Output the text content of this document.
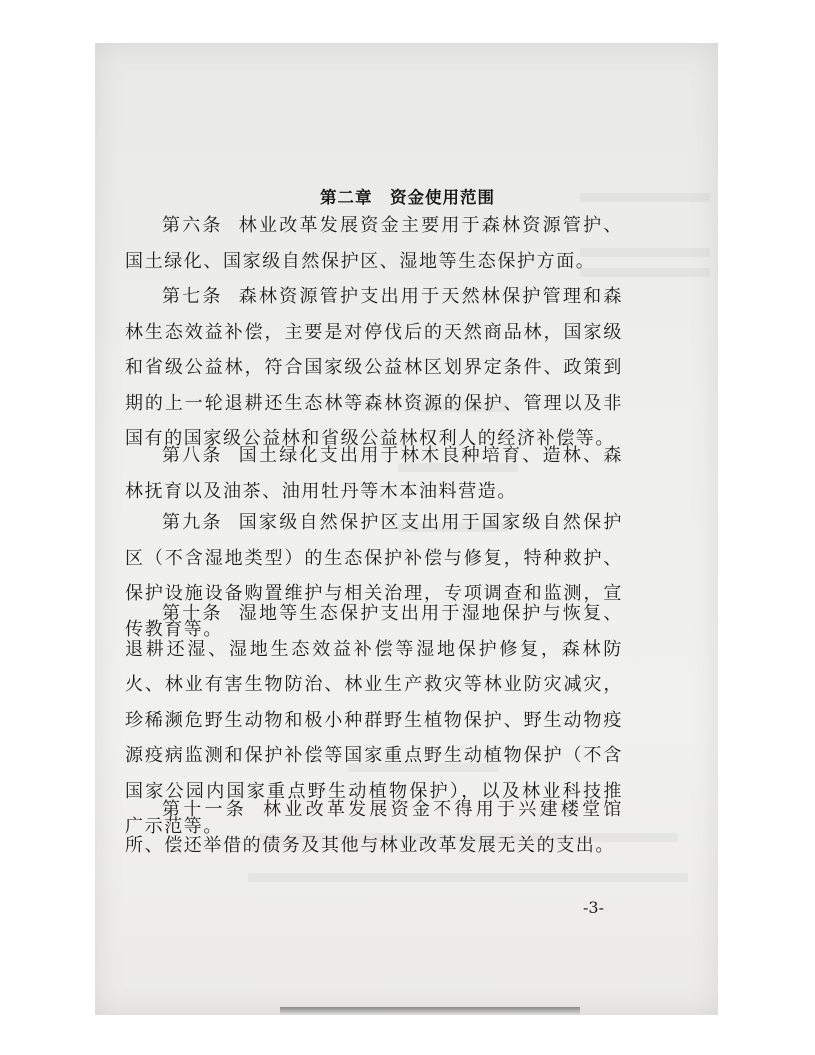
第二章　资金使用范围

第六条 林业改革发展资金主要用于森林资源管护、国土绿化、国家级自然保护区、湿地等生态保护方面。

第七条 森林资源管护支出用于天然林保护管理和森林生态效益补偿，主要是对停伐后的天然商品林，国家级和省级公益林，符合国家级公益林区划界定条件、政策到期的上一轮退耕还生态林等森林资源的保护、管理以及非国有的国家级公益林和省级公益林权利人的经济补偿等。

第八条 国土绿化支出用于林木良种培育、造林、森林抚育以及油茶、油用牡丹等木本油料营造。

第九条 国家级自然保护区支出用于国家级自然保护区（不含湿地类型）的生态保护补偿与修复，特种救护、保护设施设备购置维护与相关治理，专项调查和监测，宣传教育等。

第十条 湿地等生态保护支出用于湿地保护与恢复、退耕还湿、湿地生态效益补偿等湿地保护修复，森林防火、林业有害生物防治、林业生产救灾等林业防灾减灾，珍稀濒危野生动物和极小种群野生植物保护、野生动物疫源疫病监测和保护补偿等国家重点野生动植物保护（不含国家公园内国家重点野生动植物保护），以及林业科技推广示范等。

第十一条 林业改革发展资金不得用于兴建楼堂馆所、偿还举借的债务及其他与林业改革发展无关的支出。

-3-
